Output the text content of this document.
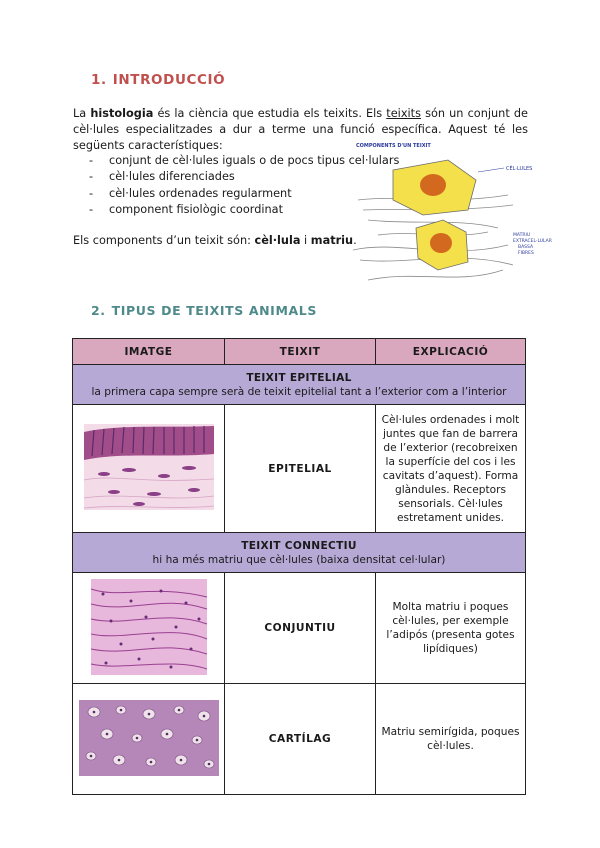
1. INTRODUCCIÓ

La histologia és la ciència que estudia els teixits. Els teixits són un conjunt de cèl·lules especialitzades a dur a terme una funció específica. Aquest té les següents característiques:

- conjunt de cèl·lules iguals o de pocs tipus cel·lulars
- cèl·lules diferenciades
- cèl·lules ordenades regularment
- component fisiològic coordinat

Els components d’un teixit són: cèl·lula i matriu.

COMPONENTS D'UN TEIXIT
CÈL·LULES
MATRIU
EXTRACEL·LULAR
BASSA
FIBRES
2. TIPUS DE TEIXITS ANIMALS
IMATGE	TEIXIT	EXPLICACIÓ

TEIXIT EPITELIAL
la primera capa sempre serà de teixit epitelial tant a l’exterior com a l’interior		

	EPITELIAL	Cèl·lules ordenades i molt juntes que fan de barrera de l’exterior (recobreixen la superfície del cos i les cavitats d’aquest). Forma glàndules. Receptors sensorials. Cèl·lules estretament unides.

TEIXIT CONNECTIU
hi ha més matriu que cèl·lules (baixa densitat cel·lular)		

	CONJUNTIU	Molta matriu i poques cèl·lules, per exemple l’adipós (presenta gotes lipídiques)
	CARTÍLAG	Matriu semirígida, poques cèl·lules.
